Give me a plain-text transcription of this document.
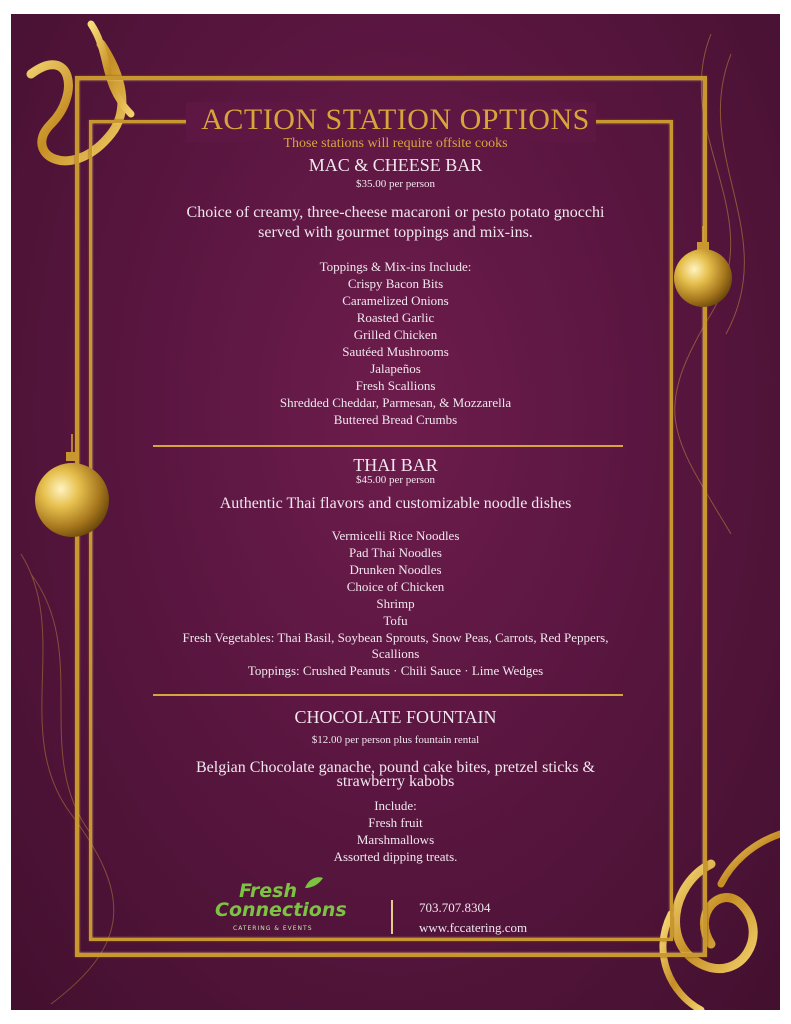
ACTION STATION OPTIONS
Those stations will require offsite cooks
MAC & CHEESE BAR
$35.00 per person
Choice of creamy, three-cheese macaroni or pesto potato gnocchi
served with gourmet toppings and mix-ins.
Toppings & Mix-ins Include:
Crispy Bacon Bits
Caramelized Onions
Roasted Garlic
Grilled Chicken
Sautéed Mushrooms
Jalapeños
Fresh Scallions
Shredded Cheddar, Parmesan, & Mozzarella
Buttered Bread Crumbs
THAI BAR
$45.00 per person
Authentic Thai flavors and customizable noodle dishes
Vermicelli Rice Noodles
Pad Thai Noodles
Drunken Noodles
Choice of Chicken
Shrimp
Tofu
Fresh Vegetables: Thai Basil, Soybean Sprouts, Snow Peas, Carrots, Red Peppers,
Scallions
Toppings: Crushed Peanuts · Chili Sauce · Lime Wedges
CHOCOLATE FOUNTAIN
$12.00 per person plus fountain rental
Belgian Chocolate ganache, pound cake bites, pretzel sticks &
strawberry kabobs
Include:
Fresh fruit
Marshmallows
Assorted dipping treats.
Fresh
Connections
CATERING & EVENTS
703.707.8304
www.fccatering.com
